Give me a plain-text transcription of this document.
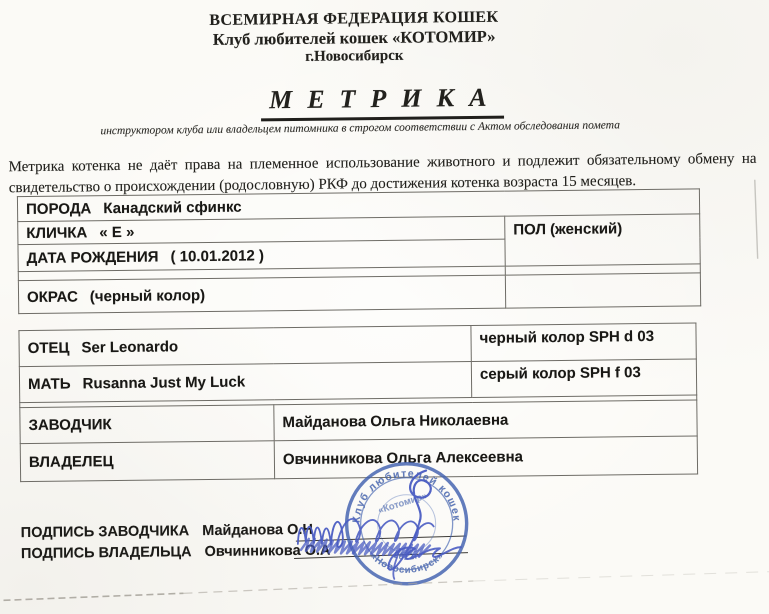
ВСЕМИРНАЯ ФЕДЕРАЦИЯ КОШЕК
Клуб любителей кошек «КОТОМИР»
г.Новосибирск
МЕТРИКА
инструктором клуба или владельцем питомника в строгом соответствии с Актом обследования помета

Метрика котенка не даёт права на племенное использование животного и подлежит обязательному обмену на свидетельство о происхождении (родословную) РКФ до достижения котенка возраста 15 месяцев.

ПОРОДА Канадский сфинкс	
КЛИЧКА « Е »	ПОЛ (женский)
ДАТА РОЖДЕНИЯ ( 10.01.2012 )	

ОКРАС (черный колор)	
ОТЕЦ Ser Leonardo		черный колор SPH d 03
МАТЬ Rusanna Just My Luck		серый колор SPH f 03

ЗАВОДЧИК	Майданова Ольга Николаевна	
ВЛАДЕЛЕЦ	Овчинникова Ольга Алексеевна	
ПОДПИСЬ ЗАВОДЧИКА Майданова О.Н
ПОДПИСЬ ВЛАДЕЛЬЦА Овчинникова О.А
Клуб любителей кошек
«Новосибирск»
2012г.
«Котомир»
